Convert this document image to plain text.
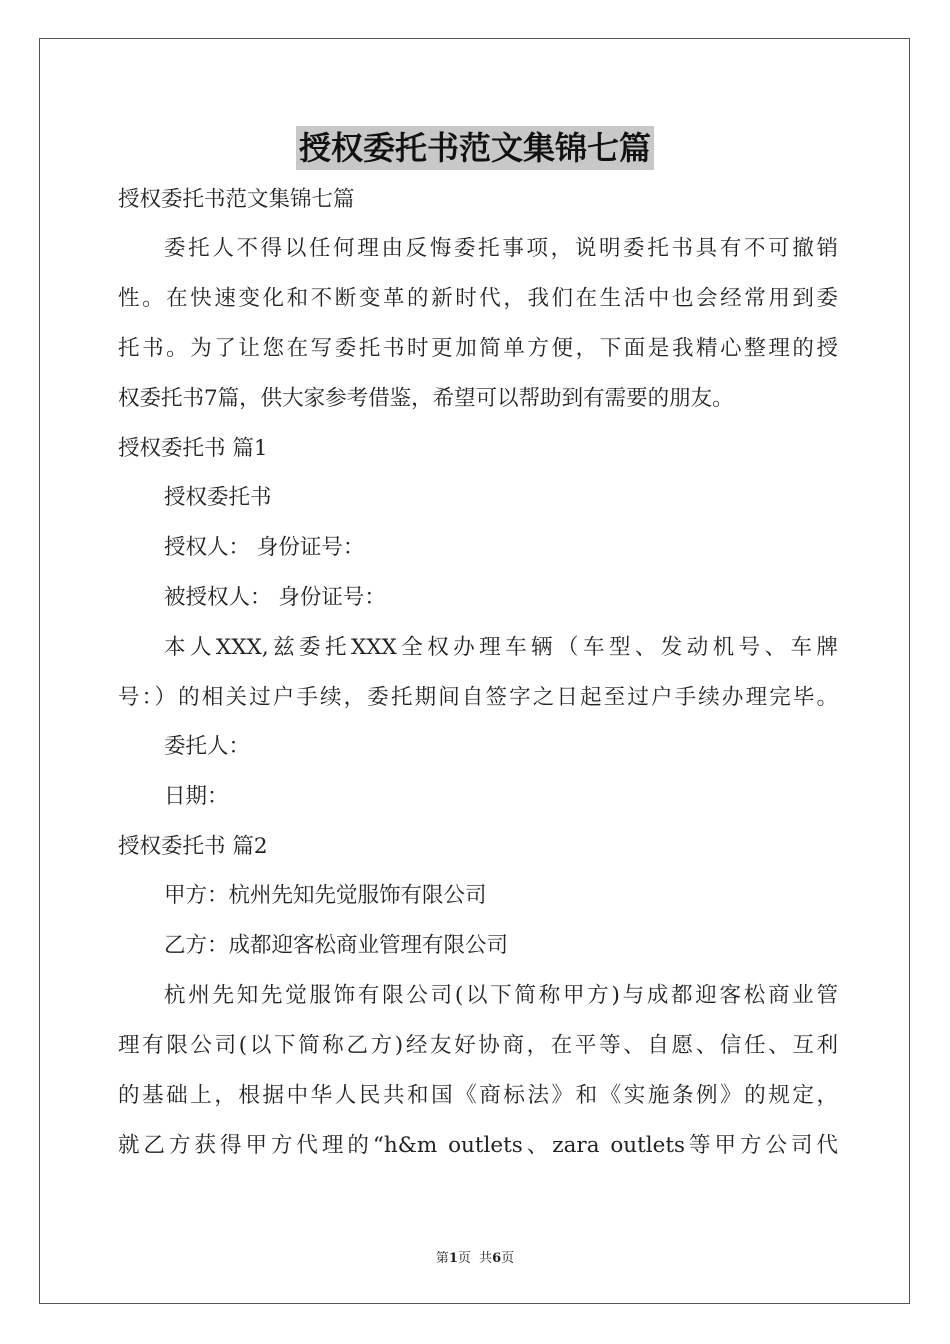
授权委托书范文集锦七篇
授权委托书范文集锦七篇
委托人不得以任何理由反悔委托事项，说明委托书具有不可撤销
性。在快速变化和不断变革的新时代，我们在生活中也会经常用到委
托书。为了让您在写委托书时更加简单方便，下面是我精心整理的授
权委托书7篇，供大家参考借鉴，希望可以帮助到有需要的朋友。
授权委托书 篇1
授权委托书
授权人： 身份证号：
被授权人： 身份证号：
本人XXX,兹委托XXX全权办理车辆（车型、发动机号、车牌
号：）的相关过户手续，委托期间自签字之日起至过户手续办理完毕。
委托人：
日期：
授权委托书 篇2
甲方：杭州先知先觉服饰有限公司
乙方：成都迎客松商业管理有限公司
杭州先知先觉服饰有限公司(以下简称甲方)与成都迎客松商业管
理有限公司(以下简称乙方)经友好协商，在平等、自愿、信任、互利
的基础上，根据中华人民共和国《商标法》和《实施条例》的规定，
就乙方获得甲方代理的“h&m outlets、zara outlets等甲方公司代
第1页  共6页
